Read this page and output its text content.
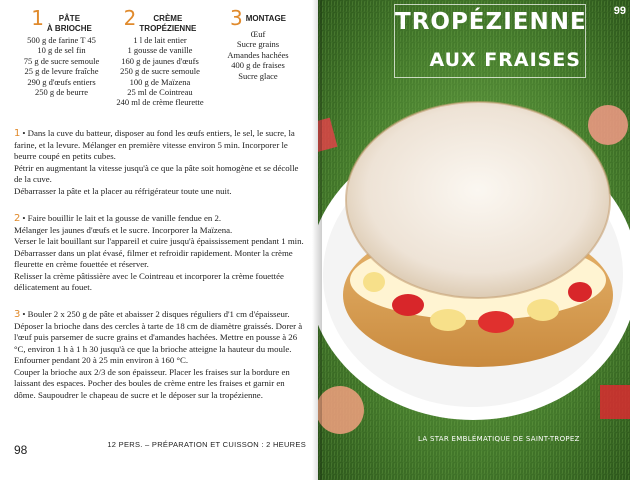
1	PÂTE
À BRIOCHE
500 g de farine T 45
10 g de sel fin
75 g de sucre semoule
25 g de levure fraîche
290 g d'œufs entiers
250 g de beurre
2	CRÈME
TROPÉZIENNE
1 l de lait entier
1 gousse de vanille
160 g de jaunes d'œufs
250 g de sucre semoule
100 g de Maïzena
25 ml de Cointreau
240 ml de crème fleurette
3 MONTAGE
Œuf
Sucre grains
Amandes hachées
400 g de fraises
Sucre glace

1 • Dans la cuve du batteur, disposer au fond les œufs entiers, le sel, le sucre, la farine, et la levure. Mélanger en première vitesse environ 5 min. Incorporer le beurre coupé en petits cubes.
Pétrir en augmentant la vitesse jusqu'à ce que la pâte soit homogène et se décolle de la cuve.
Débarrasser la pâte et la placer au réfrigérateur toute une nuit.

2 • Faire bouillir le lait et la gousse de vanille fendue en 2.
Mélanger les jaunes d'œufs et le sucre. Incorporer la Maïzena.
Verser le lait bouillant sur l'appareil et cuire jusqu'à épaississement pendant 1 min. Débarrasser dans un plat évasé, filmer et refroidir rapidement. Monter la crème fleurette en crème fouettée et réserver.
Relisser la crème pâtissière avec le Cointreau et incorporer la crème fouettée délicatement au fouet.

3 • Bouler 2 x 250 g de pâte et abaisser 2 disques réguliers d'1 cm d'épaisseur. Déposer la brioche dans des cercles à tarte de 18 cm de diamètre graissés. Dorer à l'œuf puis parsemer de sucre grains et d'amandes hachées. Mettre en pousse à 26 °C, environ 1 h à 1 h 30 jusqu'à ce que la brioche atteigne la hauteur du moule.
Enfourner pendant 20 à 25 min environ à 160 °C.
Couper la brioche aux 2/3 de son épaisseur. Placer les fraises sur la bordure en laissant des espaces. Pocher des boules de crème entre les fraises et garnir en dôme. Saupoudrer le chapeau de sucre et le déposer sur la tropézienne.

98	12 PERS. – PRÉPARATION ET CUISSON : 2 HEURES
TROPÉZIENNE
AUX FRAISES
99
LA STAR EMBLÉMATIQUE DE SAINT-TROPEZ
